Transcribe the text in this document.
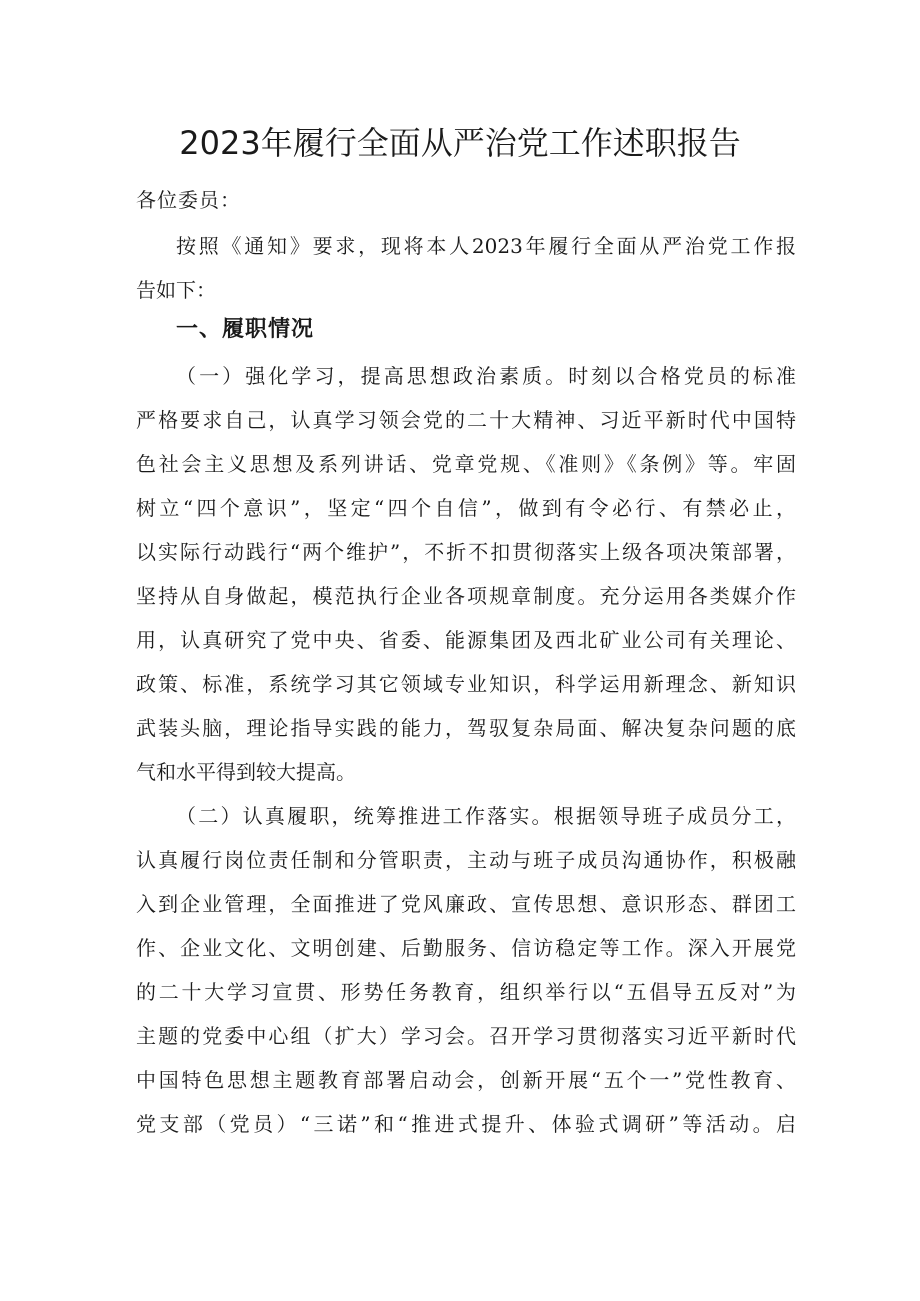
2023年履行全面从严治党工作述职报告
各位委员：
按照《通知》要求，现将本人2023年履行全面从严治党工作报
告如下：
一、履职情况
（一）强化学习，提高思想政治素质。时刻以合格党员的标准
严格要求自己，认真学习领会党的二十大精神、习近平新时代中国特
色社会主义思想及系列讲话、党章党规、《准则》《条例》等。牢固
树立“四个意识”，坚定“四个自信”，做到有令必行、有禁必止，
以实际行动践行“两个维护”，不折不扣贯彻落实上级各项决策部署，
坚持从自身做起，模范执行企业各项规章制度。充分运用各类媒介作
用，认真研究了党中央、省委、能源集团及西北矿业公司有关理论、
政策、标准，系统学习其它领域专业知识，科学运用新理念、新知识
武装头脑，理论指导实践的能力，驾驭复杂局面、解决复杂问题的底
气和水平得到较大提高。
（二）认真履职，统筹推进工作落实。根据领导班子成员分工，
认真履行岗位责任制和分管职责，主动与班子成员沟通协作，积极融
入到企业管理，全面推进了党风廉政、宣传思想、意识形态、群团工
作、企业文化、文明创建、后勤服务、信访稳定等工作。深入开展党
的二十大学习宣贯、形势任务教育，组织举行以“五倡导五反对”为
主题的党委中心组（扩大）学习会。召开学习贯彻落实习近平新时代
中国特色思想主题教育部署启动会，创新开展“五个一”党性教育、
党支部（党员）“三诺”和“推进式提升、体验式调研”等活动。启
